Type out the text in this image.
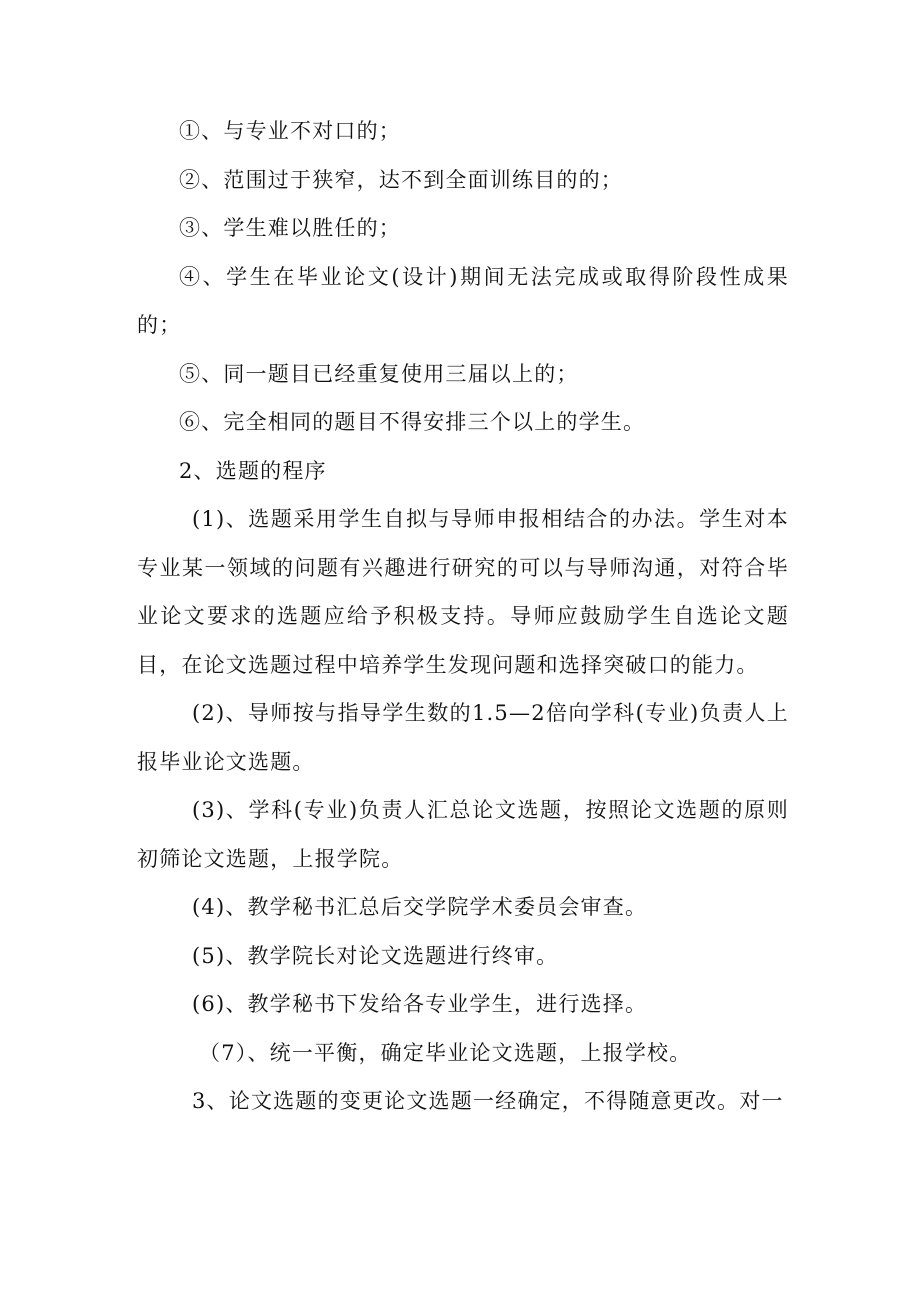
①、与专业不对口的；

②、范围过于狭窄，达不到全面训练目的的；

③、学生难以胜任的；

④、学生在毕业论文(设计)期间无法完成或取得阶段性成果的；

⑤、同一题目已经重复使用三届以上的；

⑥、完全相同的题目不得安排三个以上的学生。

2、选题的程序

(1)、选题采用学生自拟与导师申报相结合的办法。学生对本专业某一领域的问题有兴趣进行研究的可以与导师沟通，对符合毕业论文要求的选题应给予积极支持。导师应鼓励学生自选论文题目，在论文选题过程中培养学生发现问题和选择突破口的能力。

(2)、导师按与指导学生数的1.5—2倍向学科(专业)负责人上报毕业论文选题。

(3)、学科(专业)负责人汇总论文选题，按照论文选题的原则初筛论文选题，上报学院。

(4)、教学秘书汇总后交学院学术委员会审查。

(5)、教学院长对论文选题进行终审。

(6)、教学秘书下发给各专业学生，进行选择。

（7）、统一平衡，确定毕业论文选题，上报学校。

3、论文选题的变更论文选题一经确定，不得随意更改。对一
